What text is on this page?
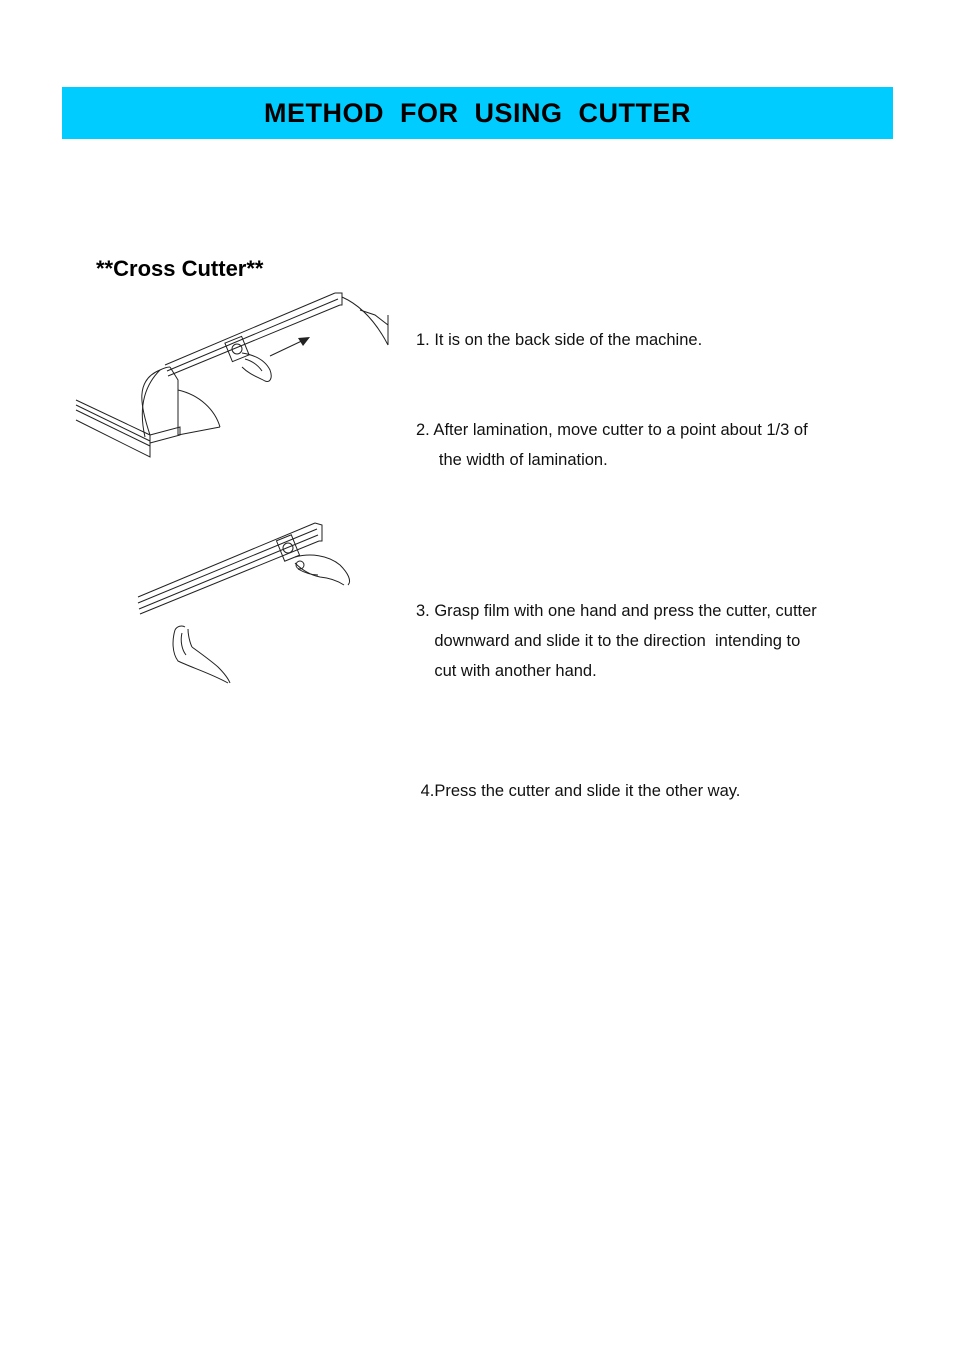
METHOD FOR USING CUTTER
**Cross Cutter**
1. It is on the back side of the machine.
2. After lamination, move cutter to a point about 1/3 of
the width of lamination.
3. Grasp film with one hand and press the cutter, cutter
downward and slide it to the direction  intending to
cut with another hand.
4.Press the cutter and slide it the other way.
